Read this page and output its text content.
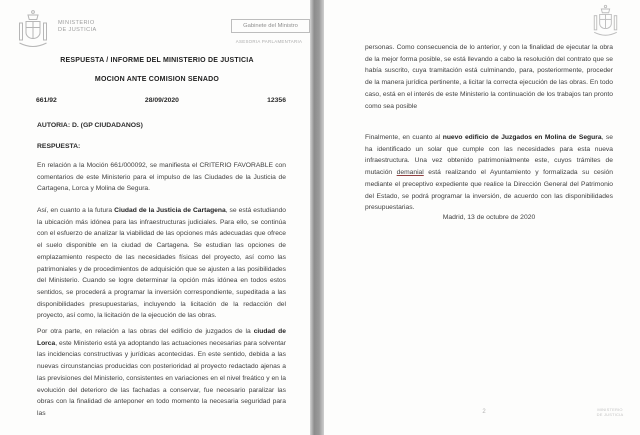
MINISTERIO
DE JUSTICIA
Gabinete del Ministro
ASESORIA PARLAMENTARIA
RESPUESTA / INFORME DEL MINISTERIO DE JUSTICIA
MOCION ANTE COMISION SENADO
661/92	28/09/2020	12356
AUTORIA: D. (GP CIUDADANOS)
RESPUESTA:
En relación a la Moción 661/000092, se manifiesta el CRITERIO FAVORABLE con comentarios de este Ministerio para el impulso de las Ciudades de la Justicia de Cartagena, Lorca y Molina de Segura.
Así, en cuanto a la futura Ciudad de la Justicia de Cartagena, se está estudiando la ubicación más idónea para las infraestructuras judiciales. Para ello, se continúa con el esfuerzo de analizar la viabilidad de las opciones más adecuadas que ofrece el suelo disponible en la ciudad de Cartagena. Se estudian las opciones de emplazamiento respecto de las necesidades físicas del proyecto, así como las patrimoniales y de procedimientos de adquisición que se ajusten a las posibilidades del Ministerio. Cuando se logre determinar la opción más idónea en todos estos sentidos, se procederá a programar la inversión correspondiente, supeditada a las disponibilidades presupuestarias, incluyendo la licitación de la redacción del proyecto, así como, la licitación de la ejecución de las obras.
Por otra parte, en relación a las obras del edificio de juzgados de la ciudad de Lorca, este Ministerio está ya adoptando las actuaciones necesarias para solventar las incidencias constructivas y jurídicas acontecidas. En este sentido, debida a las nuevas circunstancias producidas con posterioridad al proyecto redactado ajenas a las previsiones del Ministerio, consistentes en variaciones en el nivel freático y en la evolución del deterioro de las fachadas a conservar, fue necesario paralizar las obras con la finalidad de anteponer en todo momento la necesaria seguridad para las
personas. Como consecuencia de lo anterior, y con la finalidad de ejecutar la obra de la mejor forma posible, se está llevando a cabo la resolución del contrato que se había suscrito, cuya tramitación está culminando, para, posteriormente, proceder de la manera jurídica pertinente, a licitar la correcta ejecución de las obras. En todo caso, está en el interés de este Ministerio la continuación de los trabajos tan pronto como sea posible
Finalmente, en cuanto al nuevo edificio de Juzgados en Molina de Segura, se ha identificado un solar que cumple con las necesidades para esta nueva infraestructura. Una vez obtenido patrimonialmente este, cuyos trámites de mutación demanial está realizando el Ayuntamiento y formalizada su cesión mediante el preceptivo expediente que realice la Dirección General del Patrimonio del Estado, se podrá programar la inversión, de acuerdo con las disponibilidades presupuestarias.
Madrid, 13 de octubre de 2020
2	MINISTERIO
DE JUSTICIA
